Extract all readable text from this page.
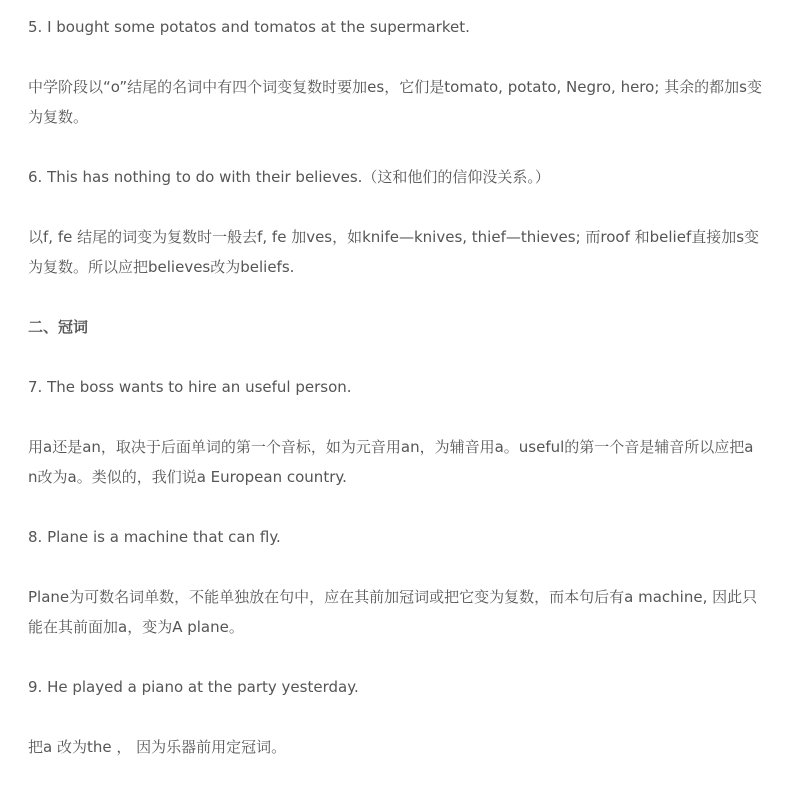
5. I bought some potatos and tomatos at the supermarket.

中学阶段以“o”结尾的名词中有四个词变复数时要加es，它们是tomato, potato, Negro, hero; 其余的都加s变为复数。

6. This has nothing to do with their believes.（这和他们的信仰没关系。）

以f, fe 结尾的词变为复数时一般去f, fe 加ves，如knife—knives, thief—thieves; 而roof 和belief直接加s变为复数。所以应把believes改为beliefs.

二、冠词

7. The boss wants to hire an useful person.

用a还是an，取决于后面单词的第一个音标，如为元音用an，为辅音用a。useful的第一个音是辅音所以应把an改为a。类似的，我们说a European country.

8. Plane is a machine that can fly.

Plane为可数名词单数，不能单独放在句中，应在其前加冠词或把它变为复数，而本句后有a machine, 因此只能在其前面加a，变为A plane。

9. He played a piano at the party yesterday.

把a 改为the ， 因为乐器前用定冠词。
